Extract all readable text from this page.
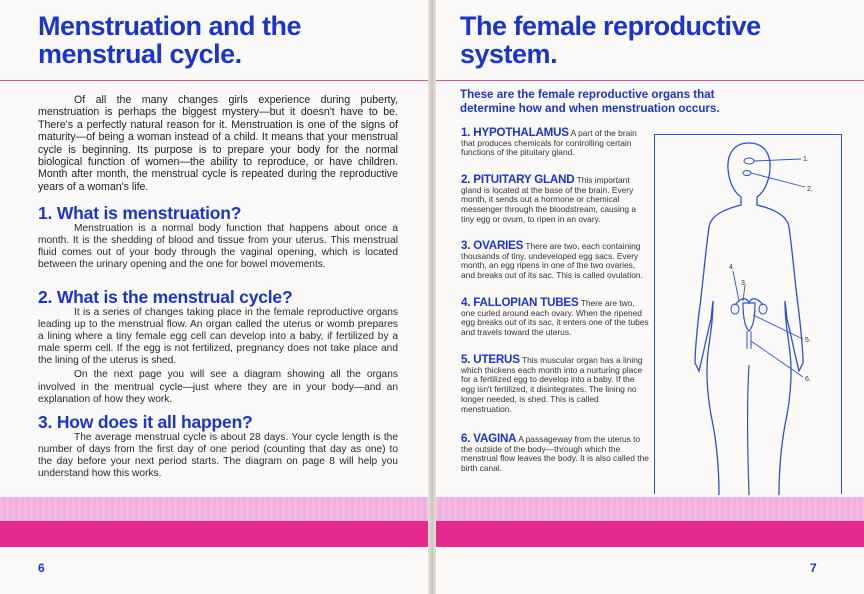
Menstruation and the menstrual cycle.

Of all the many changes girls experience during puberty, menstruation is perhaps the biggest mystery—but it doesn't have to be. There's a perfectly natural reason for it. Menstruation is one of the signs of maturity—of being a woman instead of a child. It means that your menstrual cycle is beginning. Its purpose is to prepare your body for the normal biological function of women—the ability to reproduce, or have children. Month after month, the menstrual cycle is repeated during the reproductive years of a woman's life.

1. What is menstruation?

Menstruation is a normal body function that happens about once a month. It is the shedding of blood and tissue from your uterus. This menstrual fluid comes out of your body through the vaginal opening, which is located between the urinary opening and the one for bowel movements.

2. What is the menstrual cycle?

It is a series of changes taking place in the female reproductive organs leading up to the menstrual flow. An organ called the uterus or womb prepares a lining where a tiny female egg cell can develop into a baby, if fertilized by a male sperm cell. If the egg is not fertilized, pregnancy does not take place and the lining of the uterus is shed.
On the next page you will see a diagram showing all the organs involved in the mentrual cycle—just where they are in your body—and an explanation of how they work.

3. How does it all happen?

The average menstrual cycle is about 28 days. Your cycle length is the number of days from the first day of one period (counting that day as one) to the day before your next period starts. The diagram on page 8 will help you understand how this works.

6
The female reproductive system.

These are the female reproductive organs that determine how and when menstruation occurs.

1. HYPOTHALAMUS A part of the brain that produces chemicals for controlling certain functions of the pituitary gland.

2. PITUITARY GLAND This important gland is located at the base of the brain. Every month, it sends out a hormone or chemical messenger through the bloodstream, causing a tiny egg or ovum, to ripen in an ovary.

3. OVARIES There are two, each containing thousands of tiny, undeveloped egg sacs. Every month, an egg ripens in one of the two ovaries, and breaks out of its sac. This is called ovulation.

4. FALLOPIAN TUBES There are two, one curled around each ovary. When the ripened egg breaks out of its sac, it enters one of the tubes and travels toward the uterus.

5. UTERUS This muscular organ has a lining which thickens each month into a nurturing place for a fertilized egg to develop into a baby. If the egg isn't fertilized, it disintegrates. The lining no longer needed, is shed. This is called menstruation.

6. VAGINA A passageway from the uterus to the outside of the body—through which the menstrual flow leaves the body. It is also called the birth canal.

1.
2.
3.
4.
5.
6.
7
